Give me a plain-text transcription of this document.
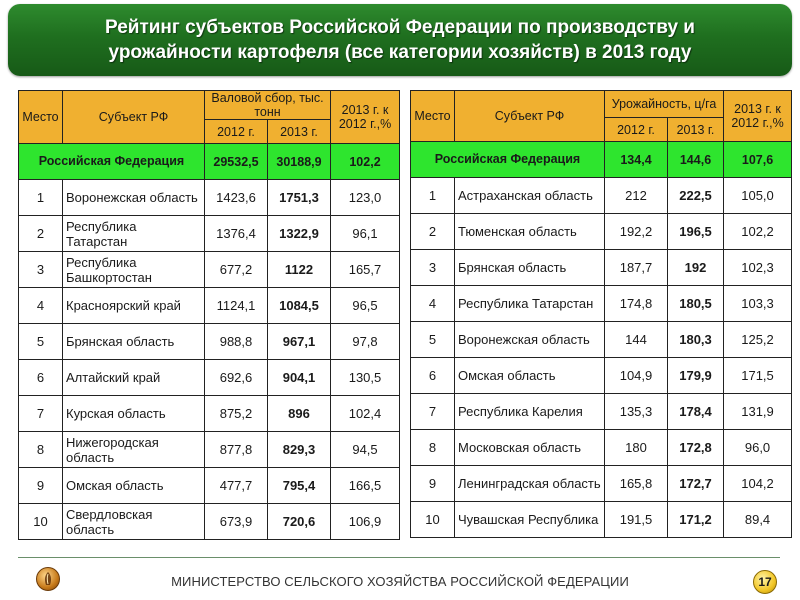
Рейтинг субъектов Российской Федерации по производству и
урожайности картофеля (все категории хозяйств) в 2013 году
Место	Субъект РФ	Валовой сбор, тыс. тонн		2013 г. к 2012 г.,%
		2012 г.	2013 г.	
Российская Федерация		29532,5	30188,9	102,2
1	Воронежская область	1423,6	1751,3	123,0
2	Республика Татарстан	1376,4	1322,9	96,1
3	Республика Башкортостан	677,2	1122	165,7
4	Красноярский край	1124,1	1084,5	96,5
5	Брянская область	988,8	967,1	97,8
6	Алтайский край	692,6	904,1	130,5
7	Курская область	875,2	896	102,4
8	Нижегородская область	877,8	829,3	94,5
9	Омская область	477,7	795,4	166,5
10	Свердловская область	673,9	720,6	106,9
Место	Субъект РФ	Урожайность, ц/га		2013 г. к 2012 г.,%
		2012 г.	2013 г.	
Российская Федерация		134,4	144,6	107,6
1	Астраханская область	212	222,5	105,0
2	Тюменская область	192,2	196,5	102,2
3	Брянская область	187,7	192	102,3
4	Республика Татарстан	174,8	180,5	103,3
5	Воронежская область	144	180,3	125,2
6	Омская область	104,9	179,9	171,5
7	Республика Карелия	135,3	178,4	131,9
8	Московская область	180	172,8	96,0
9	Ленинградская область	165,8	172,7	104,2
10	Чувашская Республика	191,5	171,2	89,4
МИНИСТЕРСТВО СЕЛЬСКОГО ХОЗЯЙСТВА РОССИЙСКОЙ ФЕДЕРАЦИИ	17
